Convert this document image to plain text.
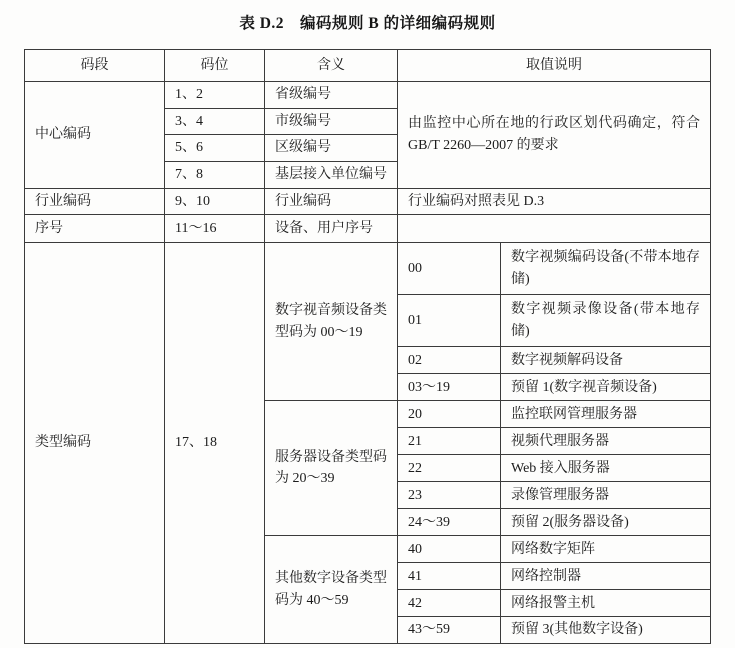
表 D.2　编码规则 B 的详细编码规则

码段	码位	含义	取值说明	
中心编码	1、2	省级编号	由监控中心所在地的行政区划代码确定，符合 GB/T 2260—2007 的要求	
	3、4	市级编号		
	5、6	区级编号		
	7、8	基层接入单位编号		
行业编码	9、10	行业编码	行业编码对照表见 D.3	
序号	11～16	设备、用户序号		
类型编码	17、18	数字视音频设备类型码为 00～19	00	数字视频编码设备(不带本地存储)
			01	数字视频录像设备(带本地存储)
			02	数字视频解码设备
			03～19	预留 1(数字视音频设备)
		服务器设备类型码为 20～39	20	监控联网管理服务器
			21	视频代理服务器
			22	Web 接入服务器
			23	录像管理服务器
			24～39	预留 2(服务器设备)
		其他数字设备类型码为 40～59	40	网络数字矩阵
			41	网络控制器
			42	网络报警主机
			43～59	预留 3(其他数字设备)
